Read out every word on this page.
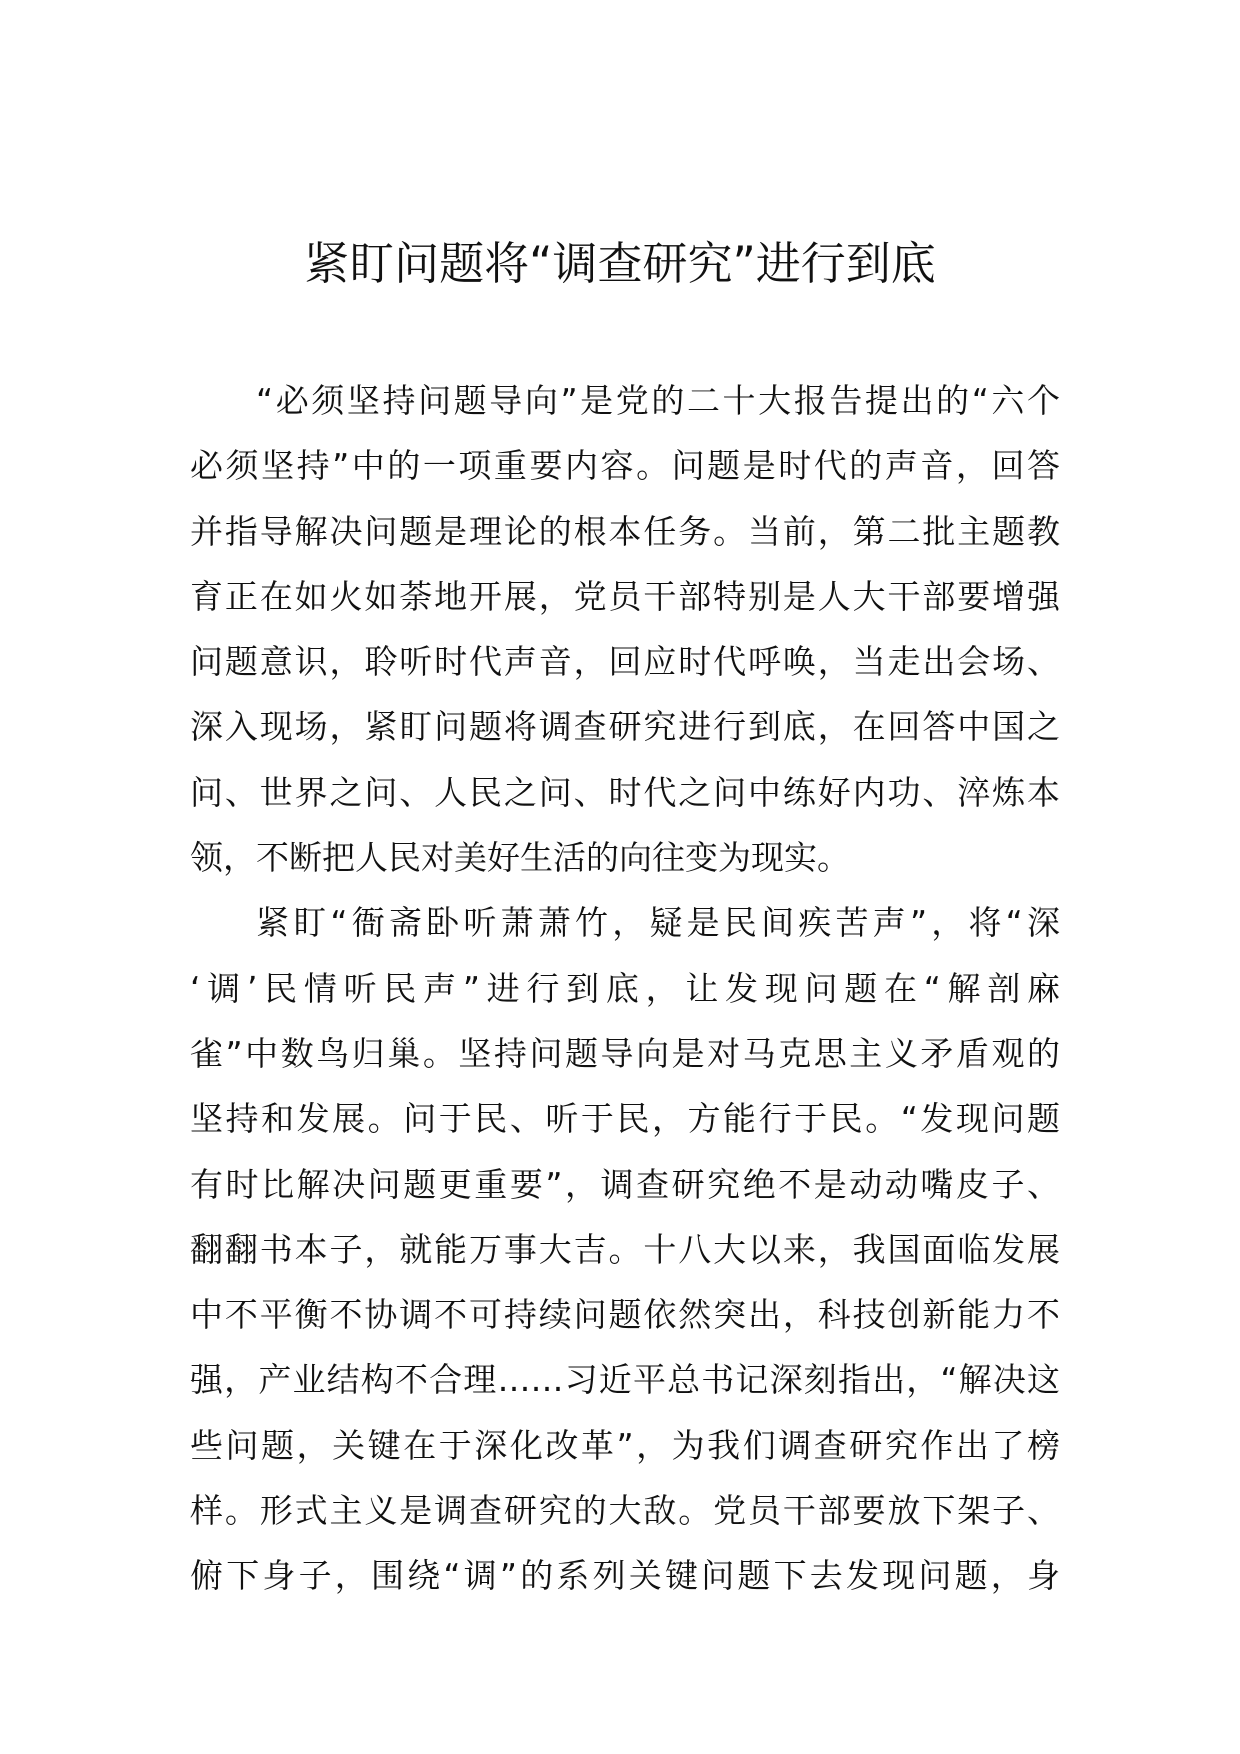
紧盯问题将“调查研究”进行到底
“必须坚持问题导向”是党的二十大报告提出的“六个
必须坚持”中的一项重要内容。问题是时代的声音，回答
并指导解决问题是理论的根本任务。当前，第二批主题教
育正在如火如荼地开展，党员干部特别是人大干部要增强
问题意识，聆听时代声音，回应时代呼唤，当走出会场、
深入现场，紧盯问题将调查研究进行到底，在回答中国之
问、世界之问、人民之问、时代之问中练好内功、淬炼本
领，不断把人民对美好生活的向往变为现实。
紧盯“衙斋卧听萧萧竹，疑是民间疾苦声”，将“深
‘调’民情听民声”进行到底，让发现问题在“解剖麻
雀”中数鸟归巢。坚持问题导向是对马克思主义矛盾观的
坚持和发展。问于民、听于民，方能行于民。“发现问题
有时比解决问题更重要”，调查研究绝不是动动嘴皮子、
翻翻书本子，就能万事大吉。十八大以来，我国面临发展
中不平衡不协调不可持续问题依然突出，科技创新能力不
强，产业结构不合理……习近平总书记深刻指出，“解决这
些问题，关键在于深化改革”，为我们调查研究作出了榜
样。形式主义是调查研究的大敌。党员干部要放下架子、
俯下身子，围绕“调”的系列关键问题下去发现问题，身
